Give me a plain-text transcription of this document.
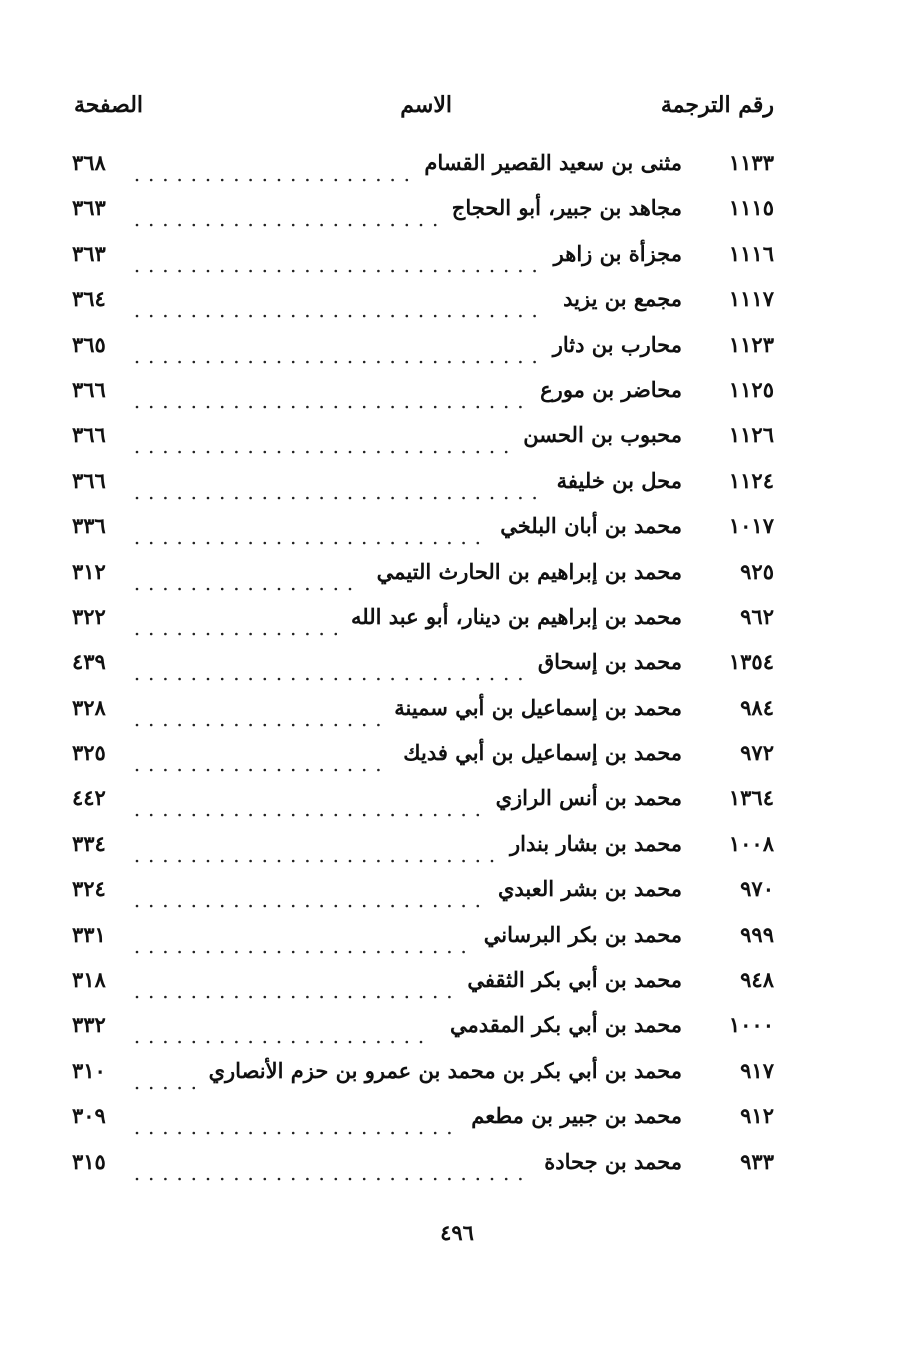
رقم الترجمة
الاسم
الصفحة
١١٣٣
مثنى بن سعيد القصير القسام
٣٦٨
١١١٥
مجاهد بن جبير، أبو الحجاج
٣٦٣
١١١٦
مجزأة بن زاهر
٣٦٣
١١١٧
مجمع بن يزيد
٣٦٤
١١٢٣
محارب بن دثار
٣٦٥
١١٢٥
محاضر بن مورع
٣٦٦
١١٢٦
محبوب بن الحسن
٣٦٦
١١٢٤
محل بن خليفة
٣٦٦
١٠١٧
محمد بن أبان البلخي
٣٣٦
٩٢٥
محمد بن إبراهيم بن الحارث التيمي
٣١٢
٩٦٢
محمد بن إبراهيم بن دينار، أبو عبد الله
٣٢٢
١٣٥٤
محمد بن إسحاق
٤٣٩
٩٨٤
محمد بن إسماعيل بن أبي سمينة
٣٢٨
٩٧٢
محمد بن إسماعيل بن أبي فديك
٣٢٥
١٣٦٤
محمد بن أنس الرازي
٤٤٢
١٠٠٨
محمد بن بشار بندار
٣٣٤
٩٧٠
محمد بن بشر العبدي
٣٢٤
٩٩٩
محمد بن بكر البرساني
٣٣١
٩٤٨
محمد بن أبي بكر الثقفي
٣١٨
١٠٠٠
محمد بن أبي بكر المقدمي
٣٣٢
٩١٧
محمد بن أبي بكر بن محمد بن عمرو بن حزم الأنصاري
٣١٠
٩١٢
محمد بن جبير بن مطعم
٣٠٩
٩٣٣
محمد بن جحادة
٣١٥
٤٩٦
